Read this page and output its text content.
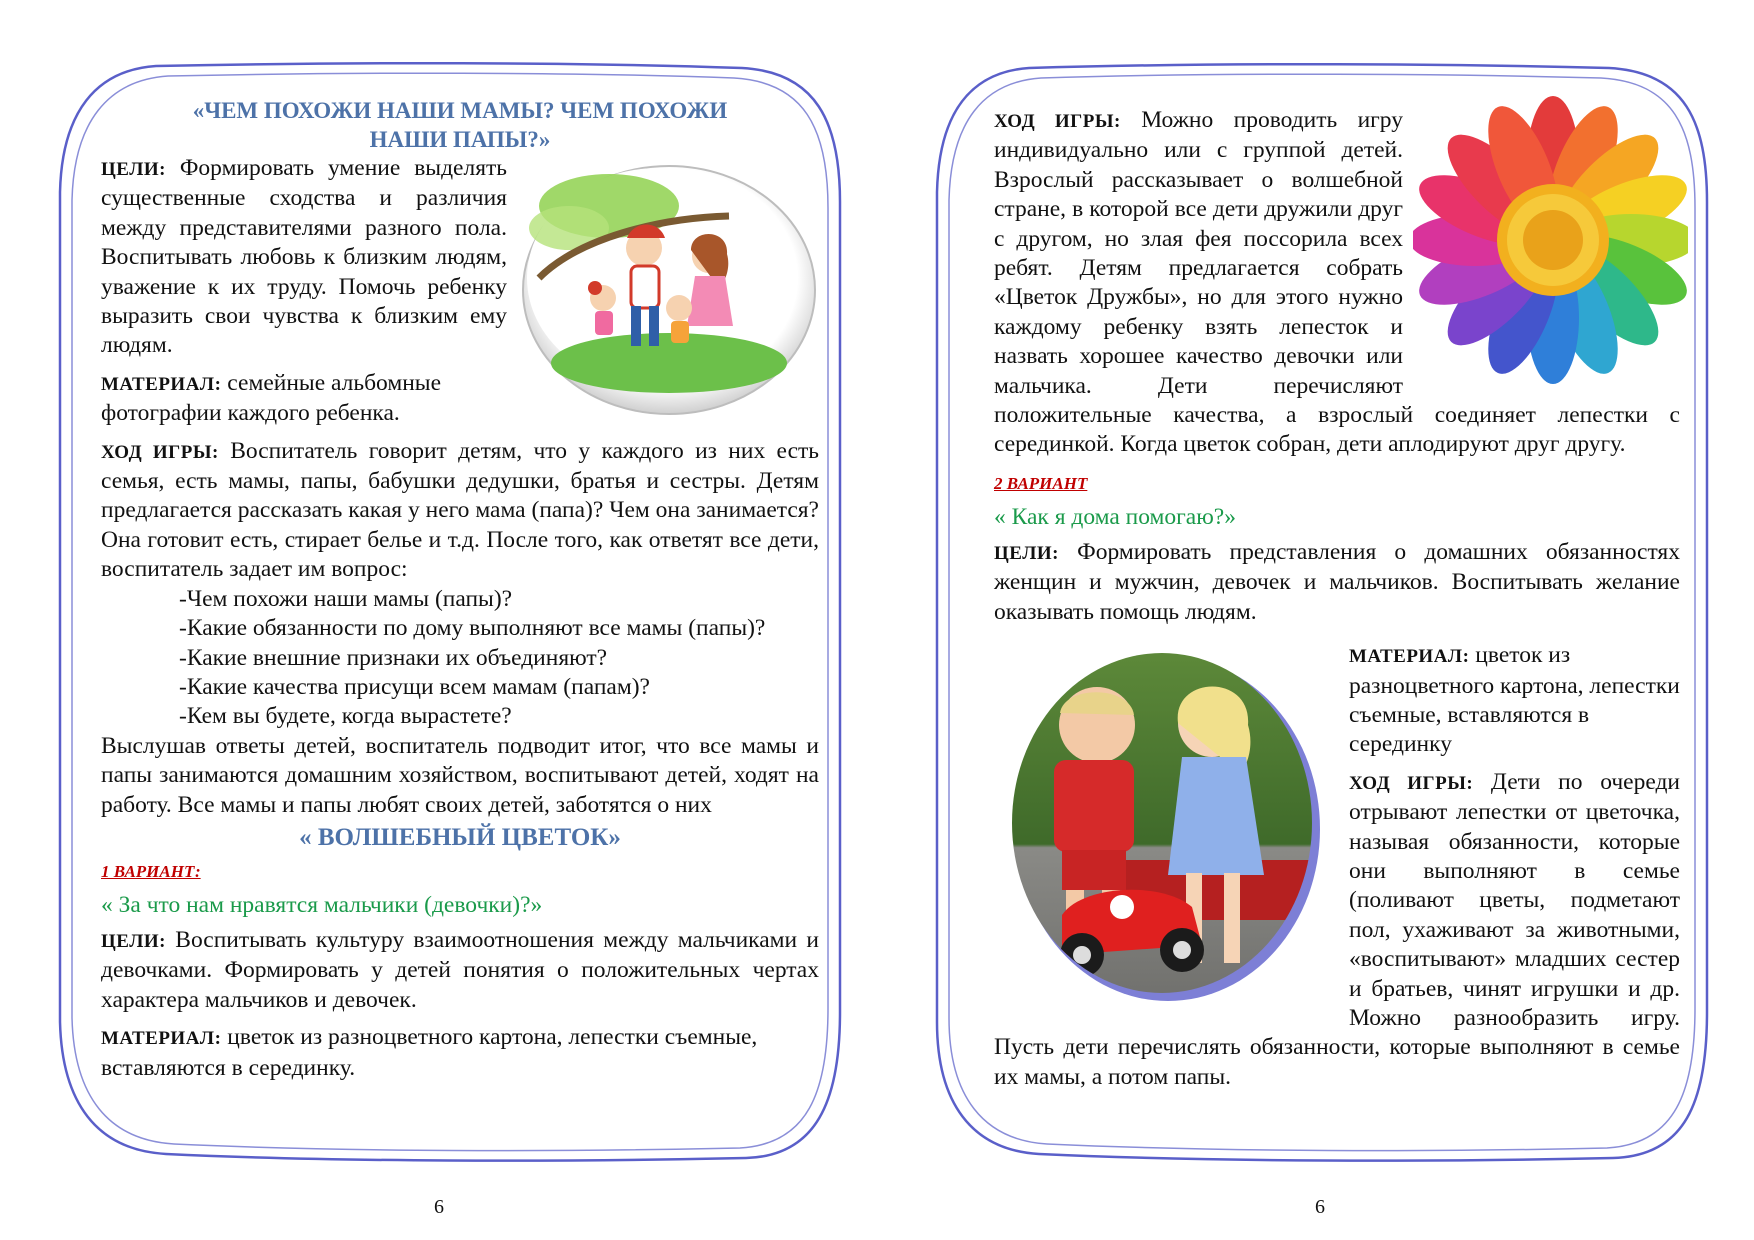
«ЧЕМ ПОХОЖИ НАШИ МАМЫ? ЧЕМ ПОХОЖИ
НАШИ ПАПЫ?»

ЦЕЛИ: Формировать умение выделять существенные сходства и различия между представителями разного пола. Воспитывать любовь к близким людям, уважение к их труду. Помочь ребенку выразить свои чувства к близким ему людям.

МАТЕРИАЛ: семейные альбомные фотографии каждого ребенка.

ХОД ИГРЫ: Воспитатель говорит детям, что у каждого из них есть семья, есть мамы, папы, бабушки дедушки, братья и сестры. Детям предлагается рассказать какая у него мама (папа)? Чем она занимается? Она готовит есть, стирает белье и т.д. После того, как ответят все дети, воспитатель задает им вопрос:

-Чем похожи наши мамы (папы)?

-Какие обязанности по дому выполняют все мамы (папы)?

-Какие внешние признаки их объединяют?

-Какие качества присущи всем мамам (папам)?

-Кем вы будете, когда вырастете?

Выслушав ответы детей, воспитатель подводит итог, что все мамы и папы занимаются домашним хозяйством, воспитывают детей, ходят на работу. Все мамы и папы любят своих детей, заботятся о них

« ВОЛШЕБНЫЙ ЦВЕТОК»
1 ВАРИАНТ:
« За что нам нравятся мальчики (девочки)?»

ЦЕЛИ: Воспитывать культуру взаимоотношения между мальчиками и девочками. Формировать у детей понятия о положительных чертах характера мальчиков и девочек.

МАТЕРИАЛ: цветок из разноцветного картона, лепестки съемные, вставляются в серединку.

6

ХОД ИГРЫ: Можно проводить игру индивидуально или с группой детей. Взрослый рассказывает о волшебной стране, в которой все дети дружили друг с другом, но злая фея поссорила всех ребят. Детям предлагается собрать «Цветок Дружбы», но для этого нужно каждому ребенку взять лепесток и назвать хорошее качество девочки или мальчика. Дети перечисляют положительные качества, а взрослый соединяет лепестки с серединкой. Когда цветок собран, дети аплодируют друг другу.

2 ВАРИАНТ
« Как я дома помогаю?»

ЦЕЛИ: Формировать представления о домашних обязанностях женщин и мужчин, девочек и мальчиков. Воспитывать желание оказывать помощь людям.

МАТЕРИАЛ: цветок из разноцветного картона, лепестки съемные, вставляются в серединку

ХОД ИГРЫ: Дети по очереди отрывают лепестки от цветочка, называя обязанности, которые они выполняют в семье (поливают цветы, подметают пол, ухаживают за животными, «воспитывают» младших сестер и братьев, чинят игрушки и др. Можно разнообразить игру. Пусть дети перечислять обязанности, которые выполняют в семье их мамы, а потом папы.

6
